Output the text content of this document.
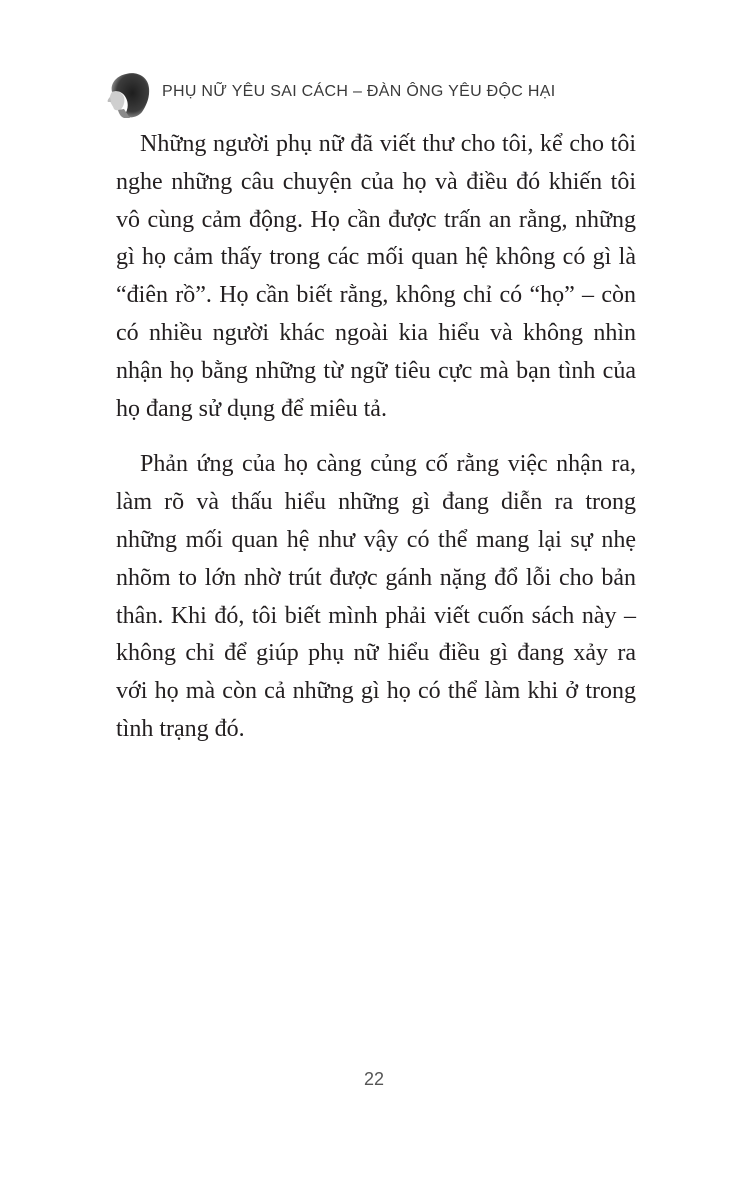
PHỤ NỮ YÊU SAI CÁCH – ĐÀN ÔNG YÊU ĐỘC HẠI

Những người phụ nữ đã viết thư cho tôi, kể cho tôi nghe những câu chuyện của họ và điều đó khiến tôi vô cùng cảm động. Họ cần được trấn an rằng, những gì họ cảm thấy trong các mối quan hệ không có gì là “điên rồ”. Họ cần biết rằng, không chỉ có “họ” – còn có nhiều người khác ngoài kia hiểu và không nhìn nhận họ bằng những từ ngữ tiêu cực mà bạn tình của họ đang sử dụng để miêu tả.

Phản ứng của họ càng củng cố rằng việc nhận ra, làm rõ và thấu hiểu những gì đang diễn ra trong những mối quan hệ như vậy có thể mang lại sự nhẹ nhõm to lớn nhờ trút được gánh nặng đổ lỗi cho bản thân. Khi đó, tôi biết mình phải viết cuốn sách này – không chỉ để giúp phụ nữ hiểu điều gì đang xảy ra với họ mà còn cả những gì họ có thể làm khi ở trong tình trạng đó.

22
